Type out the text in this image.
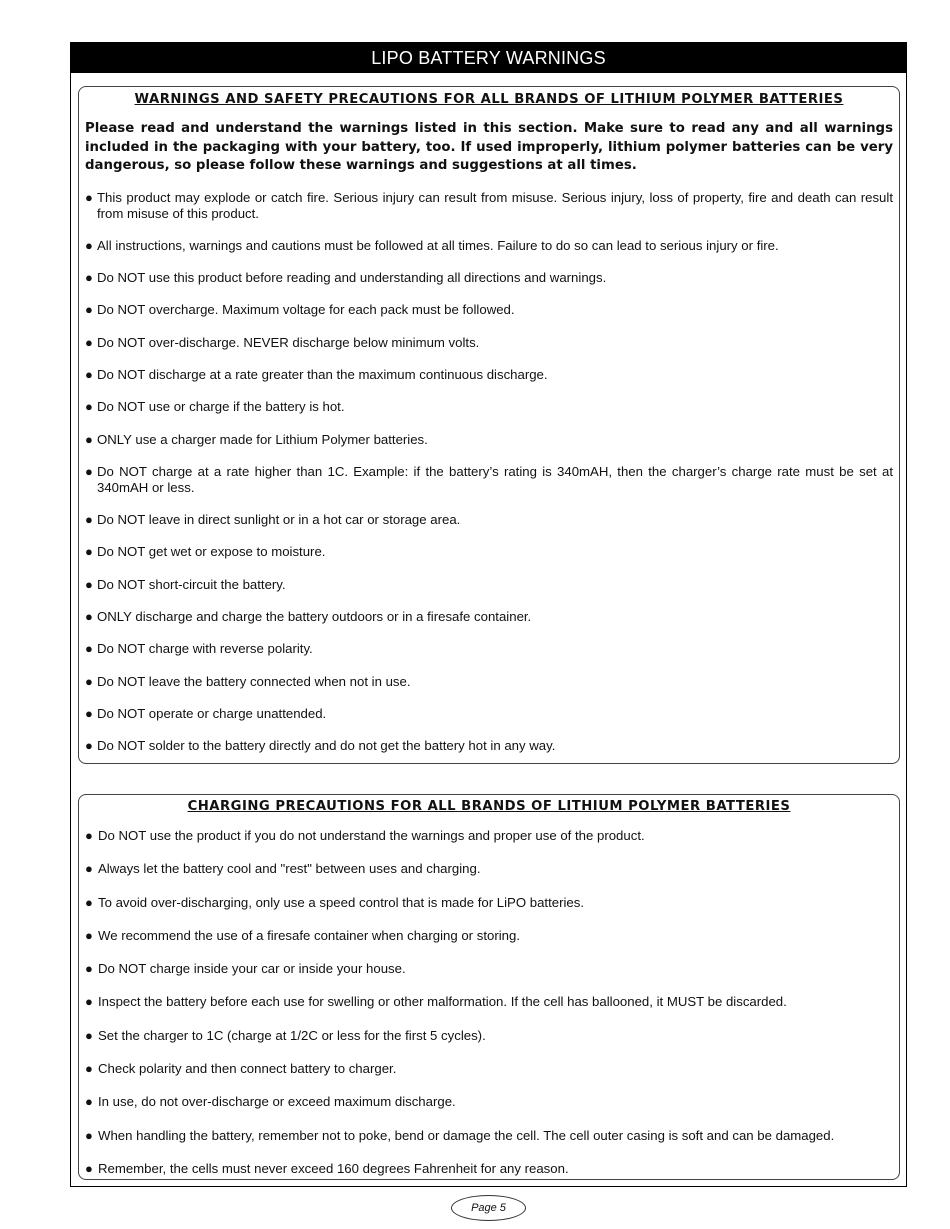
LIPO BATTERY WARNINGS
WARNINGS AND SAFETY PRECAUTIONS FOR ALL BRANDS OF LITHIUM POLYMER BATTERIES
Please read and understand the warnings listed in this section. Make sure to read any and all warnings included in the packaging with your battery, too. If used improperly, lithium polymer batteries can be very dangerous, so please follow these warnings and suggestions at all times.
● This product may explode or catch fire. Serious injury can result from misuse. Serious injury, loss of property, fire and death can result from misuse of this product.
● All instructions, warnings and cautions must be followed at all times. Failure to do so can lead to serious injury or fire.
● Do NOT use this product before reading and understanding all directions and warnings.
● Do NOT overcharge. Maximum voltage for each pack must be followed.
● Do NOT over-discharge. NEVER discharge below minimum volts.
● Do NOT discharge at a rate greater than the maximum continuous discharge.
● Do NOT use or charge if the battery is hot.
● ONLY use a charger made for Lithium Polymer batteries.
● Do NOT charge at a rate higher than 1C. Example: if the battery’s rating is 340mAH, then the charger’s charge rate must be set at 340mAH or less.
● Do NOT leave in direct sunlight or in a hot car or storage area.
● Do NOT get wet or expose to moisture.
● Do NOT short-circuit the battery.
● ONLY discharge and charge the battery outdoors or in a firesafe container.
● Do NOT charge with reverse polarity.
● Do NOT leave the battery connected when not in use.
● Do NOT operate or charge unattended.
● Do NOT solder to the battery directly and do not get the battery hot in any way.
CHARGING PRECAUTIONS FOR ALL BRANDS OF LITHIUM POLYMER BATTERIES
● Do NOT use the product if you do not understand the warnings and proper use of the product.
● Always let the battery cool and "rest" between uses and charging.
● To avoid over-discharging, only use a speed control that is made for LiPO batteries.
● We recommend the use of a firesafe container when charging or storing.
● Do NOT charge inside your car or inside your house.
● Inspect the battery before each use for swelling or other malformation. If the cell has ballooned, it MUST be discarded.
● Set the charger to 1C (charge at 1/2C or less for the first 5 cycles).
● Check polarity and then connect battery to charger.
● In use, do not over-discharge or exceed maximum discharge.
● When handling the battery, remember not to poke, bend or damage the cell. The cell outer casing is soft and can be damaged.
● Remember, the cells must never exceed 160 degrees Fahrenheit for any reason.
Page 5
